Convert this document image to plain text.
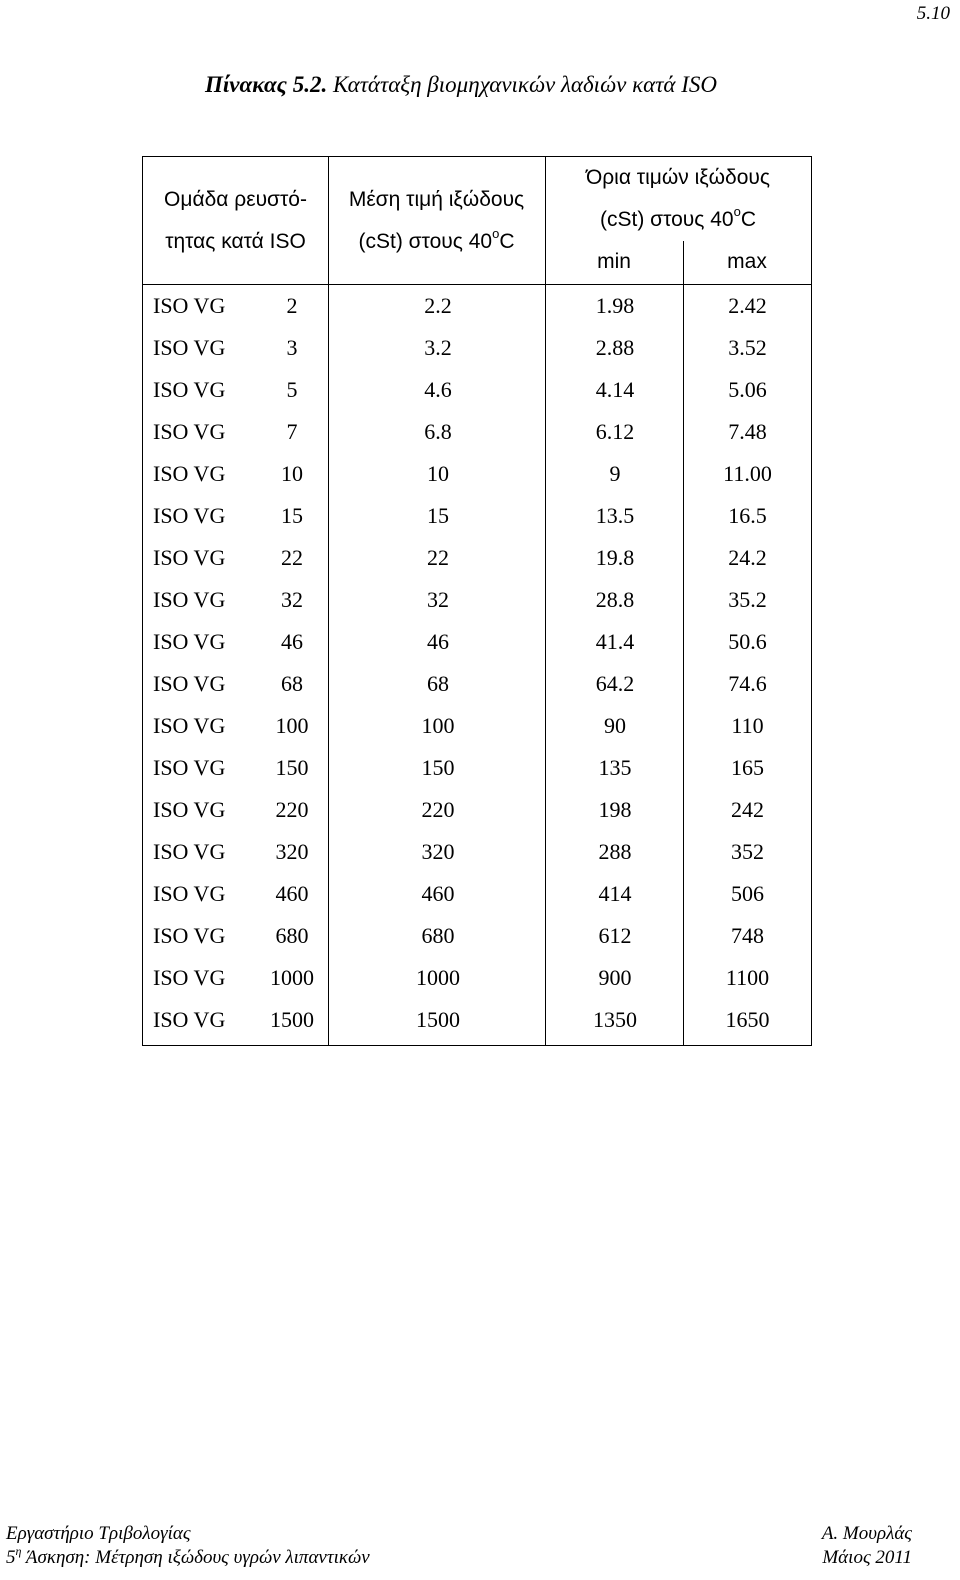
5.10
Πίνακας 5.2. Κατάταξη βιομηχανικών λαδιών κατά ISO
Ομάδα ρευστό-
τητας κατά ISO
Μέση τιμή ιξώδους
(cSt) στους 40$^o$C
Όρια τιμών ιξώδους
(cSt) στους 40$^o$C
min	max
ISO VG	2	2.2	1.98	2.42
ISO VG	3	3.2	2.88	3.52
ISO VG	5	4.6	4.14	5.06
ISO VG	7	6.8	6.12	7.48
ISO VG	10	10	9	11.00
ISO VG	15	15	13.5	16.5
ISO VG	22	22	19.8	24.2
ISO VG	32	32	28.8	35.2
ISO VG	46	46	41.4	50.6
ISO VG	68	68	64.2	74.6
ISO VG	100	100	90	110
ISO VG	150	150	135	165
ISO VG	220	220	198	242
ISO VG	320	320	288	352
ISO VG	460	460	414	506
ISO VG	680	680	612	748
ISO VG	1000	1000	900	1100
ISO VG	1500	1500	1350	1650
Εργαστήριο Τριβολογίας
$5^\eta$ Άσκηση: Μέτρηση ιξώδους υγρών λιπαντικών
Α. Μουρλάς
Μάιος 2011
